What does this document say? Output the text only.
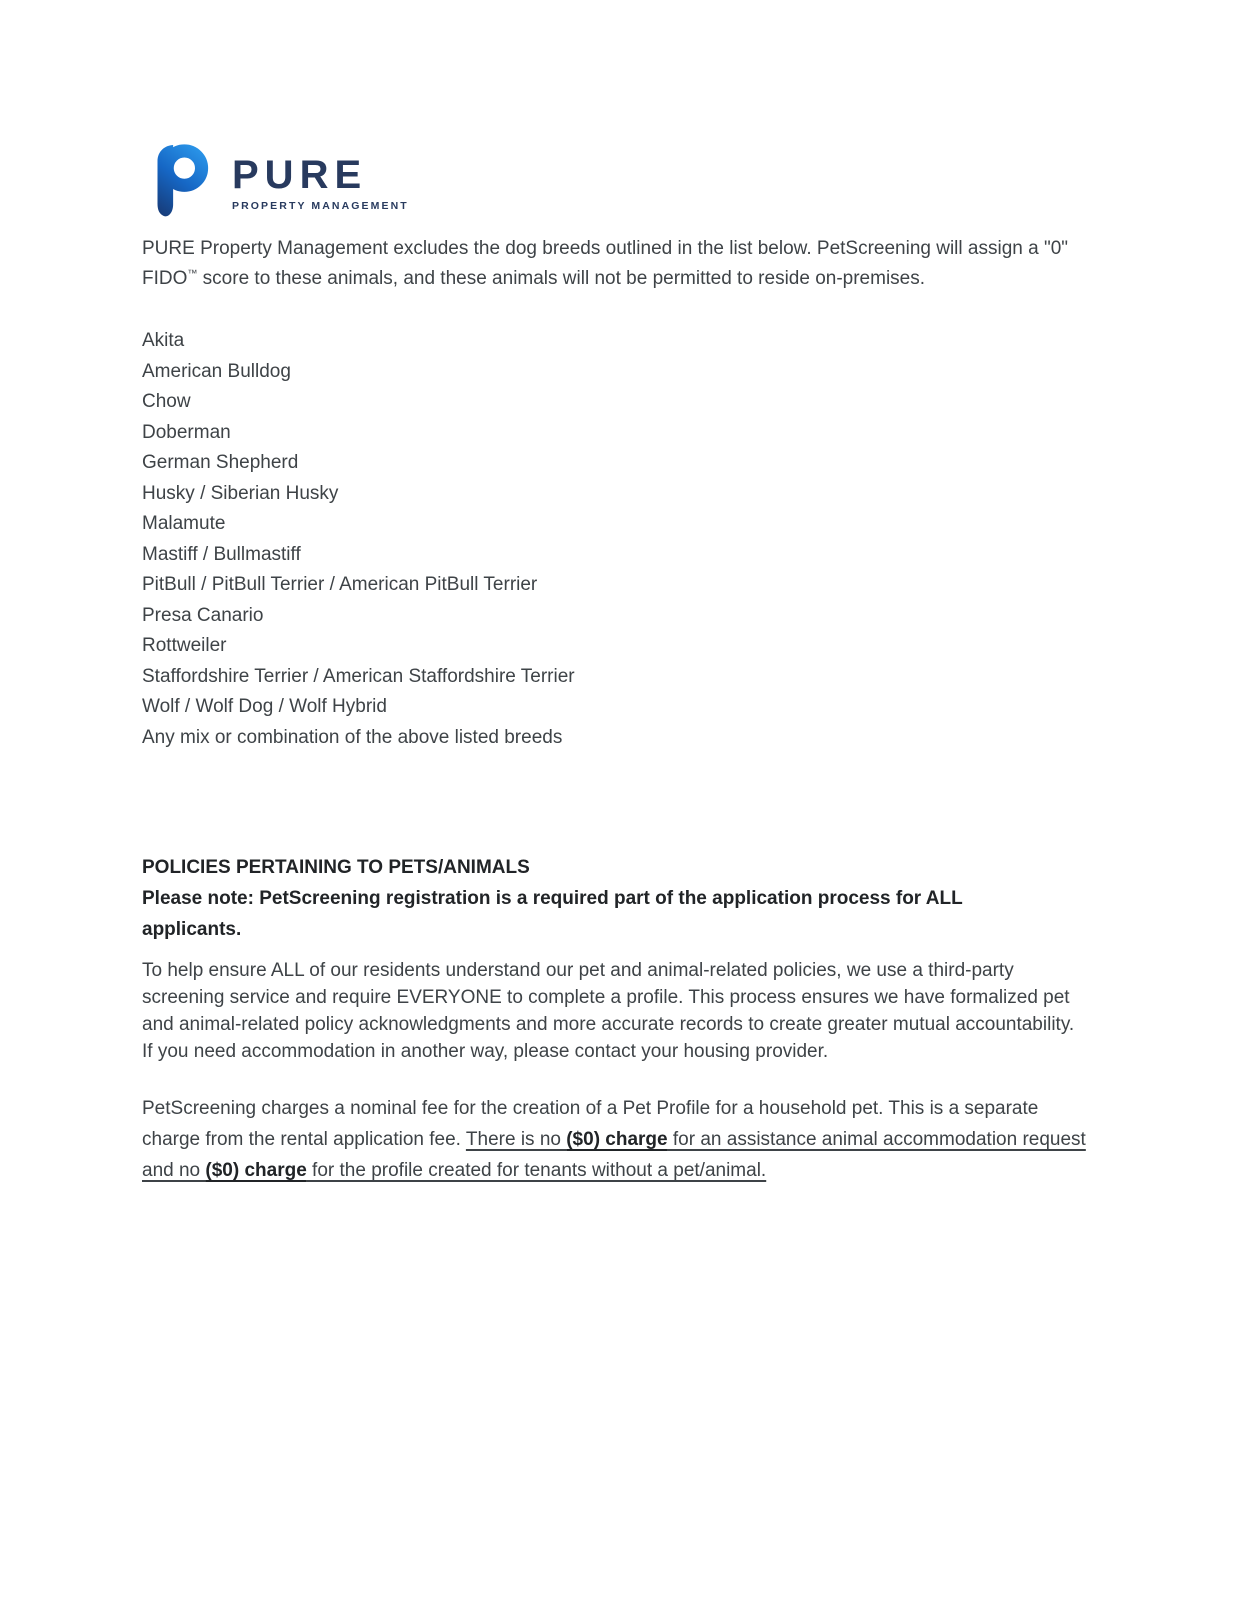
PURE
PROPERTY MANAGEMENT

PURE Property Management excludes the dog breeds outlined in the list below. PetScreening will assign a "0" FIDO™ score to these animals, and these animals will not be permitted to reside on-premises.

Akita
American Bulldog
Chow
Doberman
German Shepherd
Husky / Siberian Husky
Malamute
Mastiff / Bullmastiff
PitBull / PitBull Terrier / American PitBull Terrier
Presa Canario
Rottweiler
Staffordshire Terrier / American Staffordshire Terrier
Wolf / Wolf Dog / Wolf Hybrid
Any mix or combination of the above listed breeds
POLICIES PERTAINING TO PETS/ANIMALS

Please note: PetScreening registration is a required part of the application process for ALL applicants.

To help ensure ALL of our residents understand our pet and animal-related policies, we use a third-party screening service and require EVERYONE to complete a profile. This process ensures we have formalized pet and animal-related policy acknowledgments and more accurate records to create greater mutual accountability. If you need accommodation in another way, please contact your housing provider.

PetScreening charges a nominal fee for the creation of a Pet Profile for a household pet. This is a separate charge from the rental application fee. There is no ($0) charge for an assistance animal accommodation request and no ($0) charge for the profile created for tenants without a pet/animal.
